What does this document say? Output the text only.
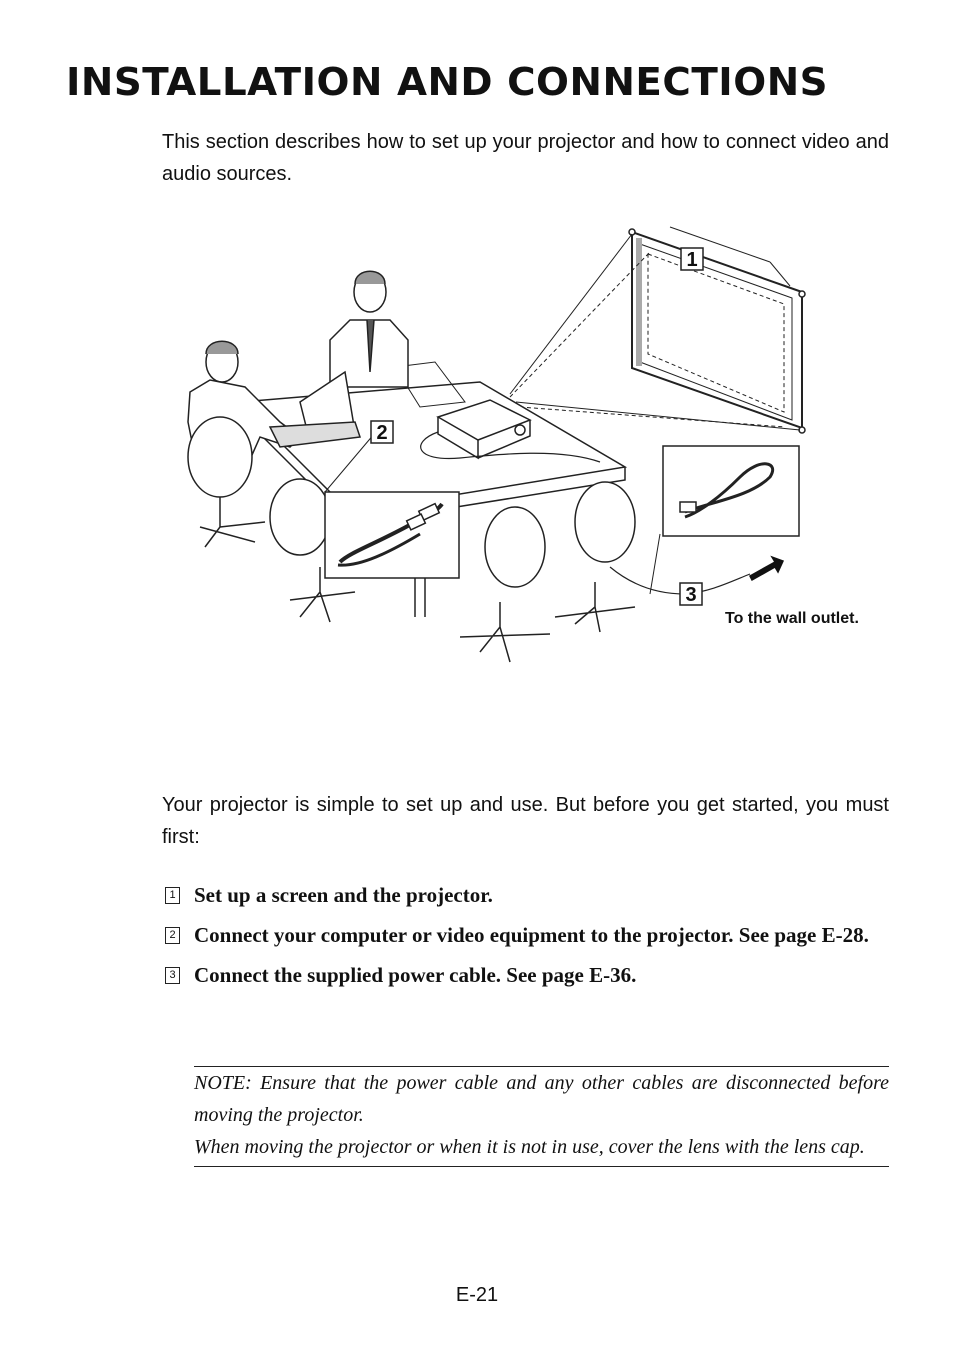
INSTALLATION AND CONNECTIONS

This section describes how to set up your projector and how to connect video and audio sources.

1
2
3
To the wall outlet.

Your projector is simple to set up and use. But before you get started, you must first:

1 Set up a screen and the projector.
2 Connect your computer or video equipment to the projector. See page E-28.
3 Connect the supplied power cable. See page E-36.

NOTE: Ensure that the power cable and any other cables are disconnected before moving the projector.

When moving the projector or when it is not in use, cover the lens with the lens cap.

E-21
